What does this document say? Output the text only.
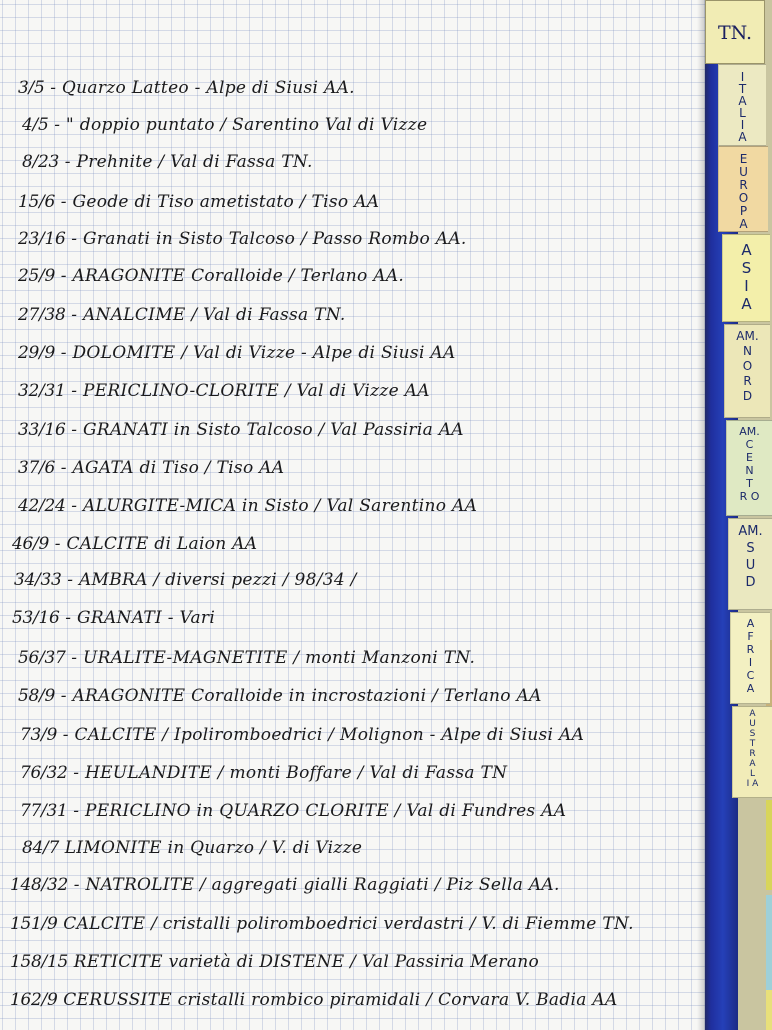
3/5 - Quarzo Latteo - Alpe di Siusi AA.
4/5 - " doppio puntato / Sarentino Val di Vizze
8/23 - Prehnite / Val di Fassa TN.
15/6 - Geode di Tiso ametistato / Tiso AA
23/16 - Granati in Sisto Talcoso / Passo Rombo AA.
25/9 - ARAGONITE Coralloide / Terlano AA.
27/38 - ANALCIME / Val di Fassa TN.
29/9 - DOLOMITE / Val di Vizze - Alpe di Siusi AA
32/31 - PERICLINO-CLORITE / Val di Vizze AA
33/16 - GRANATI in Sisto Talcoso / Val Passiria AA
37/6 - AGATA di Tiso / Tiso AA
42/24 - ALURGITE-MICA in Sisto / Val Sarentino AA
46/9 - CALCITE di Laion AA
34/33 - AMBRA / diversi pezzi / 98/34 /
53/16 - GRANATI - Vari
56/37 - URALITE-MAGNETITE / monti Manzoni TN.
58/9 - ARAGONITE Coralloide in incrostazioni / Terlano AA
73/9 - CALCITE / Ipoliromboedrici / Molignon - Alpe di Siusi AA
76/32 - HEULANDITE / monti Boffare / Val di Fassa TN
77/31 - PERICLINO in QUARZO CLORITE / Val di Fundres AA
84/7 LIMONITE in Quarzo / V. di Vizze
148/32 - NATROLITE / aggregati gialli Raggiati / Piz Sella AA.
151/9 CALCITE / cristalli poliromboedrici verdastri / V. di Fiemme TN.
158/15 RETICITE varietà di DISTENE / Val Passiria Merano
162/9 CERUSSITE cristalli rombico piramidali / Corvara V. Badia AA
TN.
I
T
A
L
I
A
E
U
R
O
P
A
A
S
I
A
AM.
N
O
R
D
AM.
C
E
N
T
R O
AM.
S
U
D
A
F
R
I
C
A
A
U
S
T
R
A
L
I A
